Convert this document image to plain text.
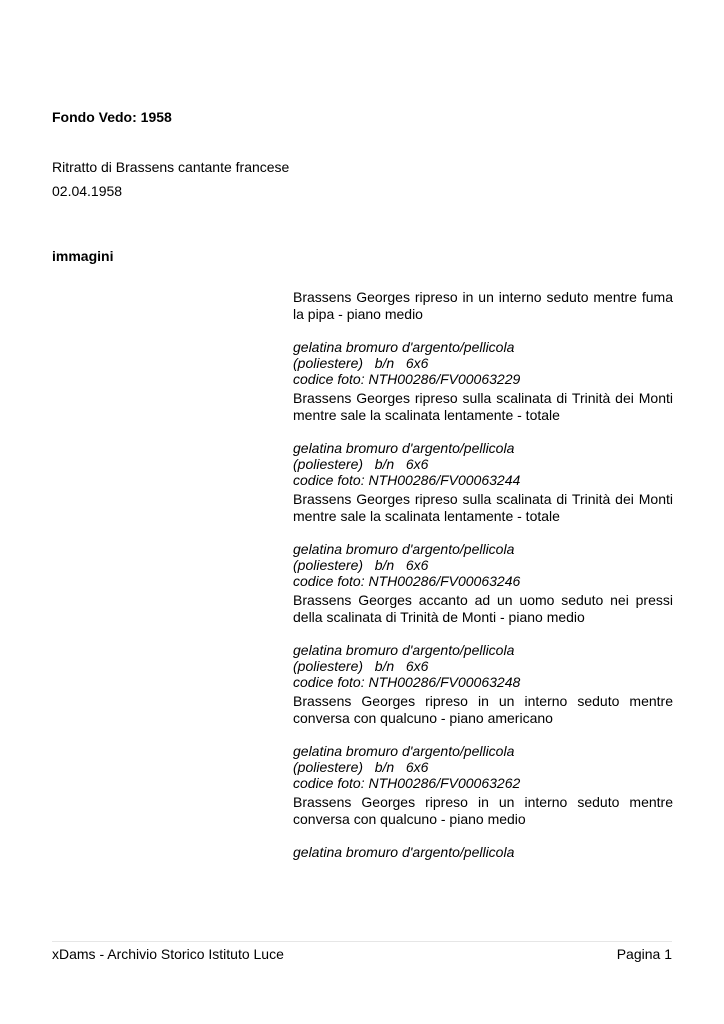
Fondo Vedo: 1958
Ritratto di Brassens cantante francese
02.04.1958
immagini

Brassens Georges ripreso in un interno seduto mentre fuma la pipa - piano medio

gelatina bromuro d'argento/pellicola
(poliestere)   b/n   6x6
codice foto: NTH00286/FV00063229

Brassens Georges ripreso sulla scalinata di Trinità dei Monti mentre sale la scalinata lentamente - totale

gelatina bromuro d'argento/pellicola
(poliestere)   b/n   6x6
codice foto: NTH00286/FV00063244

Brassens Georges ripreso sulla scalinata di Trinità dei Monti mentre sale la scalinata lentamente - totale

gelatina bromuro d'argento/pellicola
(poliestere)   b/n   6x6
codice foto: NTH00286/FV00063246

Brassens Georges accanto ad un uomo seduto nei pressi della scalinata di Trinità de Monti - piano medio

gelatina bromuro d'argento/pellicola
(poliestere)   b/n   6x6
codice foto: NTH00286/FV00063248

Brassens Georges ripreso in un interno seduto mentre conversa con qualcuno - piano americano

gelatina bromuro d'argento/pellicola
(poliestere)   b/n   6x6
codice foto: NTH00286/FV00063262

Brassens Georges ripreso in un interno seduto mentre conversa con qualcuno - piano medio

gelatina bromuro d'argento/pellicola
xDams - Archivio Storico Istituto Luce	Pagina 1
